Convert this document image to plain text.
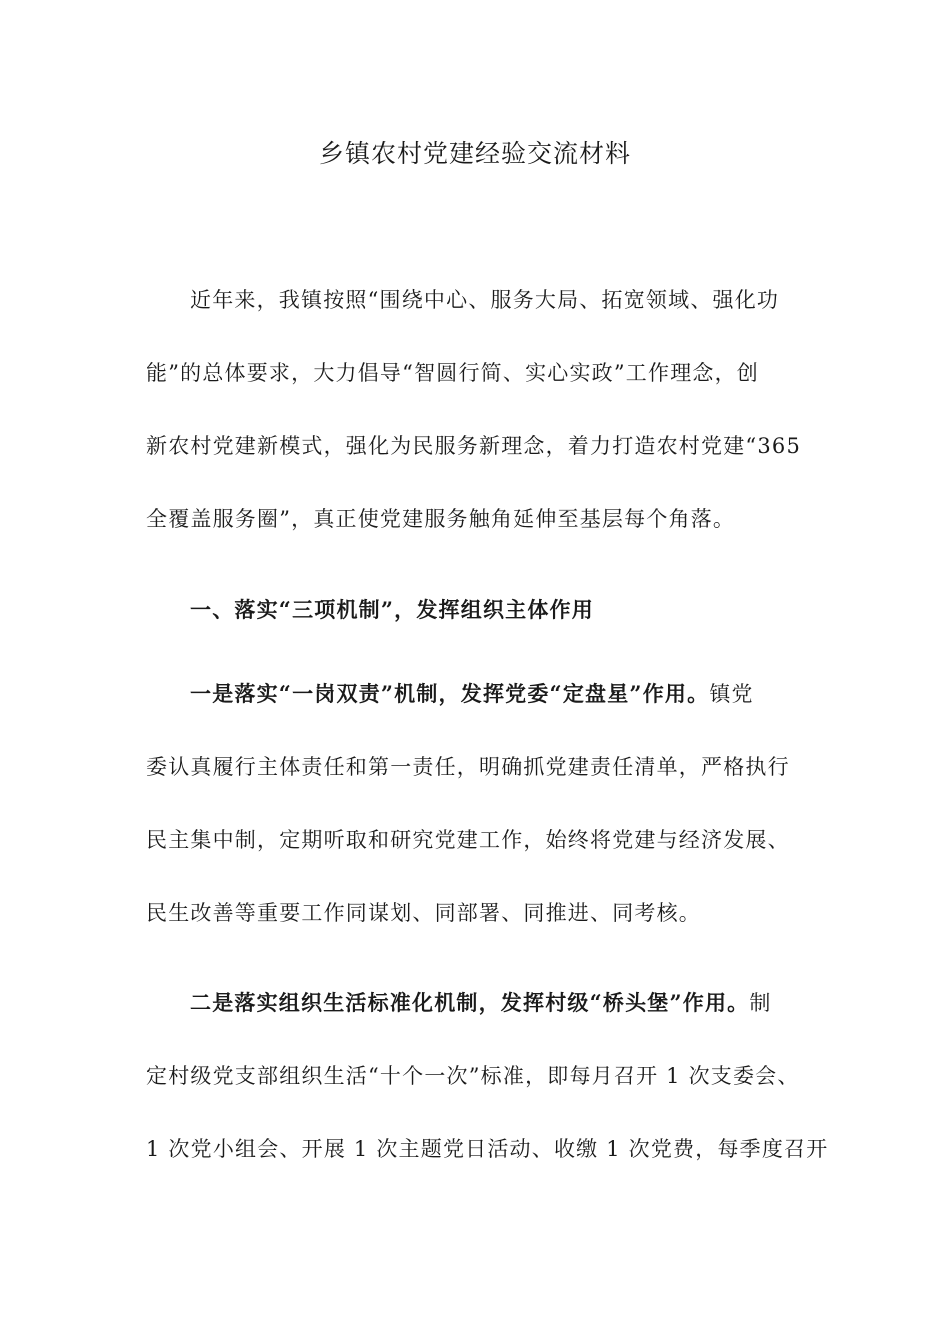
乡镇农村党建经验交流材料

近年来，我镇按照“围绕中心、服务大局、拓宽领域、强化功
能”的总体要求，大力倡导“智圆行简、实心实政”工作理念，创
新农村党建新模式，强化为民服务新理念，着力打造农村党建“365
全覆盖服务圈”，真正使党建服务触角延伸至基层每个角落。

一、落实“三项机制”，发挥组织主体作用

一是落实“一岗双责”机制，发挥党委“定盘星”作用。镇党
委认真履行主体责任和第一责任，明确抓党建责任清单，严格执行
民主集中制，定期听取和研究党建工作，始终将党建与经济发展、
民生改善等重要工作同谋划、同部署、同推进、同考核。

二是落实组织生活标准化机制，发挥村级“桥头堡”作用。制
定村级党支部组织生活“十个一次”标准，即每月召开 1 次支委会、
1 次党小组会、开展 1 次主题党日活动、收缴 1 次党费，每季度召开
